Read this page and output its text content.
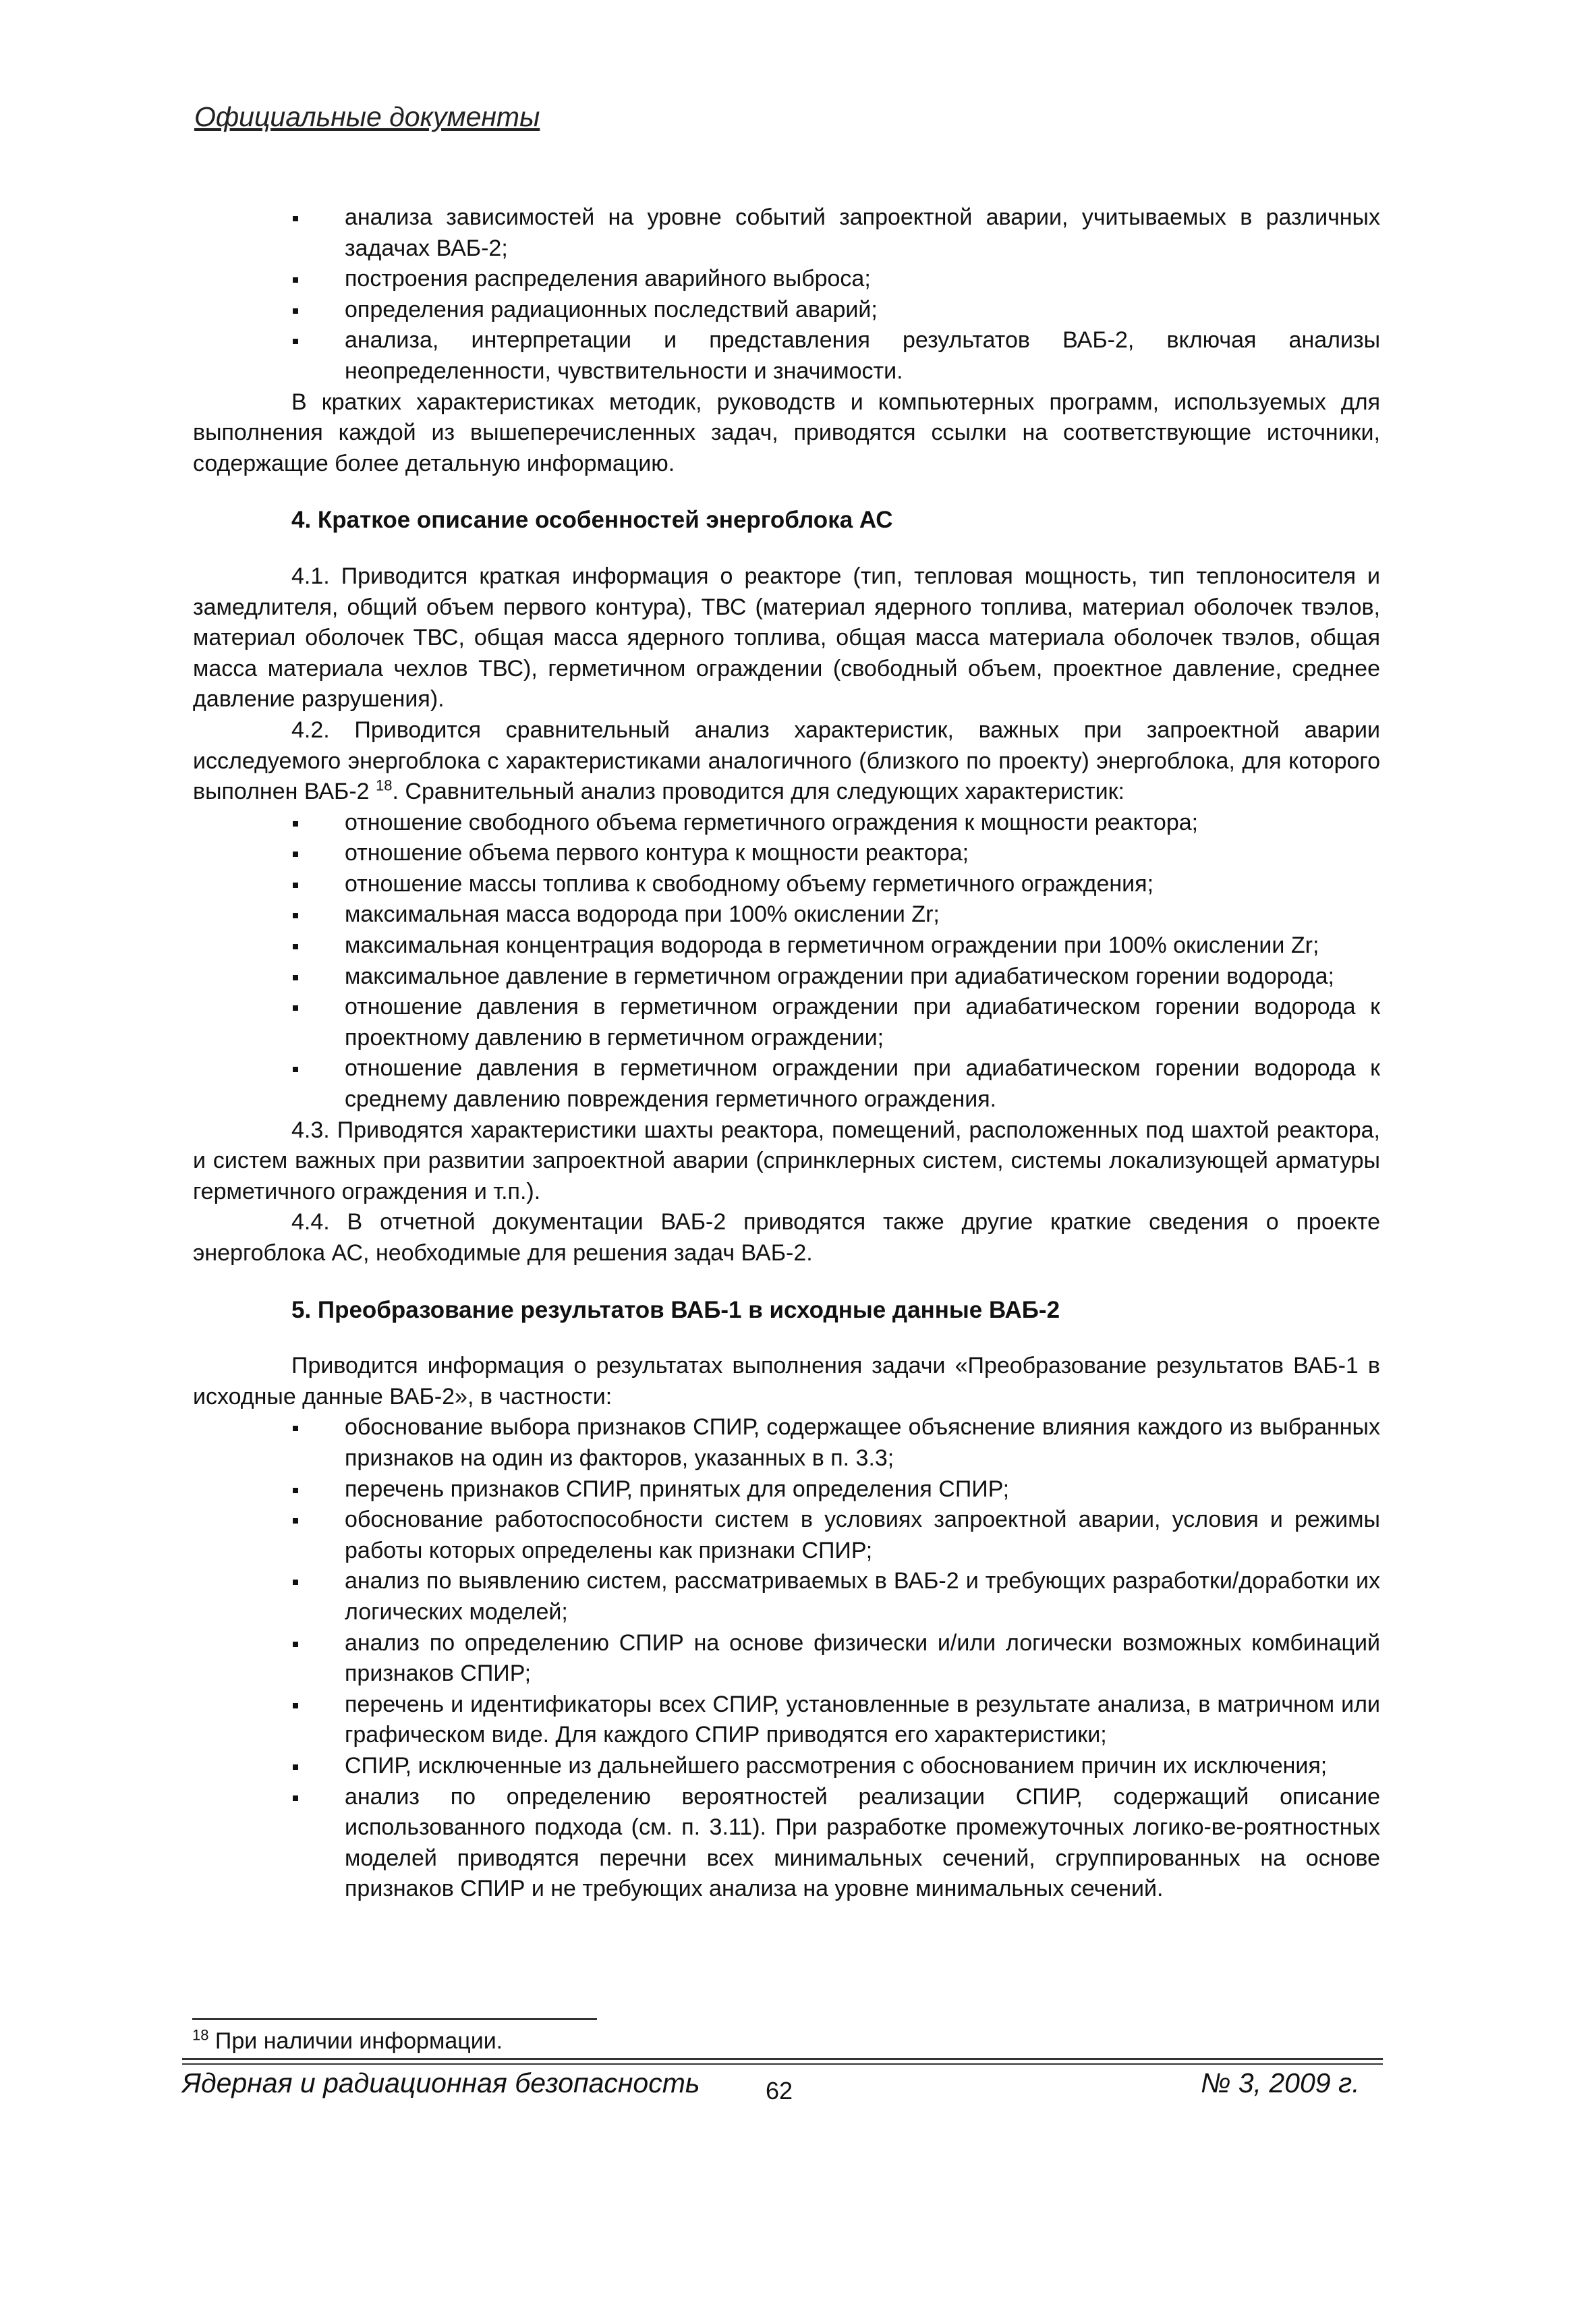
Официальные документы
анализа зависимостей на уровне событий запроектной аварии, учитываемых в различных задачах ВАБ-2;
построения распределения аварийного выброса;
определения радиационных последствий аварий;
анализа, интерпретации и представления результатов ВАБ-2, включая анализы неопределенности, чувствительности и значимости.

В кратких характеристиках методик, руководств и компьютерных программ, используемых для выполнения каждой из вышеперечисленных задач, приводятся ссылки на соответствующие источники, содержащие более детальную информацию.

4. Краткое описание особенностей энергоблока АС

4.1. Приводится краткая информация о реакторе (тип, тепловая мощность, тип теплоносителя и замедлителя, общий объем первого контура), ТВС (материал ядерного топлива, материал оболочек твэлов, материал оболочек ТВС, общая масса ядерного топлива, общая масса материала оболочек твэлов, общая масса материала чехлов ТВС), герметичном ограждении (свободный объем, проектное давление, среднее давление разрушения).

4.2. Приводится сравнительный анализ характеристик, важных при запроектной аварии исследуемого энергоблока с характеристиками аналогичного (близкого по проекту) энергоблока, для которого выполнен ВАБ-2 $^{18}$. Сравнительный анализ проводится для следующих характеристик:

отношение свободного объема герметичного ограждения к мощности реактора;
отношение объема первого контура к мощности реактора;
отношение массы топлива к свободному объему герметичного ограждения;
максимальная масса водорода при 100% окислении Zr;
максимальная концентрация водорода в герметичном ограждении при 100% окислении Zr;
максимальное давление в герметичном ограждении при адиабатическом горении водорода;
отношение давления в герметичном ограждении при адиабатическом горении водорода к проектному давлению в герметичном ограждении;
отношение давления в герметичном ограждении при адиабатическом горении водорода к среднему давлению повреждения герметичного ограждения.

4.3. Приводятся характеристики шахты реактора, помещений, расположенных под шахтой реактора, и систем важных при развитии запроектной аварии (спринклерных систем, системы локализующей арматуры герметичного ограждения и т.п.).

4.4. В отчетной документации ВАБ-2 приводятся также другие краткие сведения о проекте энергоблока АС, необходимые для решения задач ВАБ-2.

5. Преобразование результатов ВАБ-1 в исходные данные ВАБ-2

Приводится информация о результатах выполнения задачи «Преобразование результатов ВАБ-1 в исходные данные ВАБ-2», в частности:

обоснование выбора признаков СПИР, содержащее объяснение влияния каждого из выбранных признаков на один из факторов, указанных в п. 3.3;
перечень признаков СПИР, принятых для определения СПИР;
обоснование работоспособности систем в условиях запроектной аварии, условия и режимы работы которых определены как признаки СПИР;
анализ по выявлению систем, рассматриваемых в ВАБ-2 и требующих разработки/доработки их логических моделей;
анализ по определению СПИР на основе физически и/или логически возможных комбинаций признаков СПИР;
перечень и идентификаторы всех СПИР, установленные в результате анализа, в матричном или графическом виде. Для каждого СПИР приводятся его характеристики;
СПИР, исключенные из дальнейшего рассмотрения с обоснованием причин их исключения;
анализ по определению вероятностей реализации СПИР, содержащий описание использованного подхода (см. п. 3.11). При разработке промежуточных логико-ве-роятностных моделей приводятся перечни всех минимальных сечений, сгруппированных на основе признаков СПИР и не требующих анализа на уровне минимальных сечений.
$^{18}$ При наличии информации.
Ядерная и радиационная безопасность	62	№ 3, 2009 г.
